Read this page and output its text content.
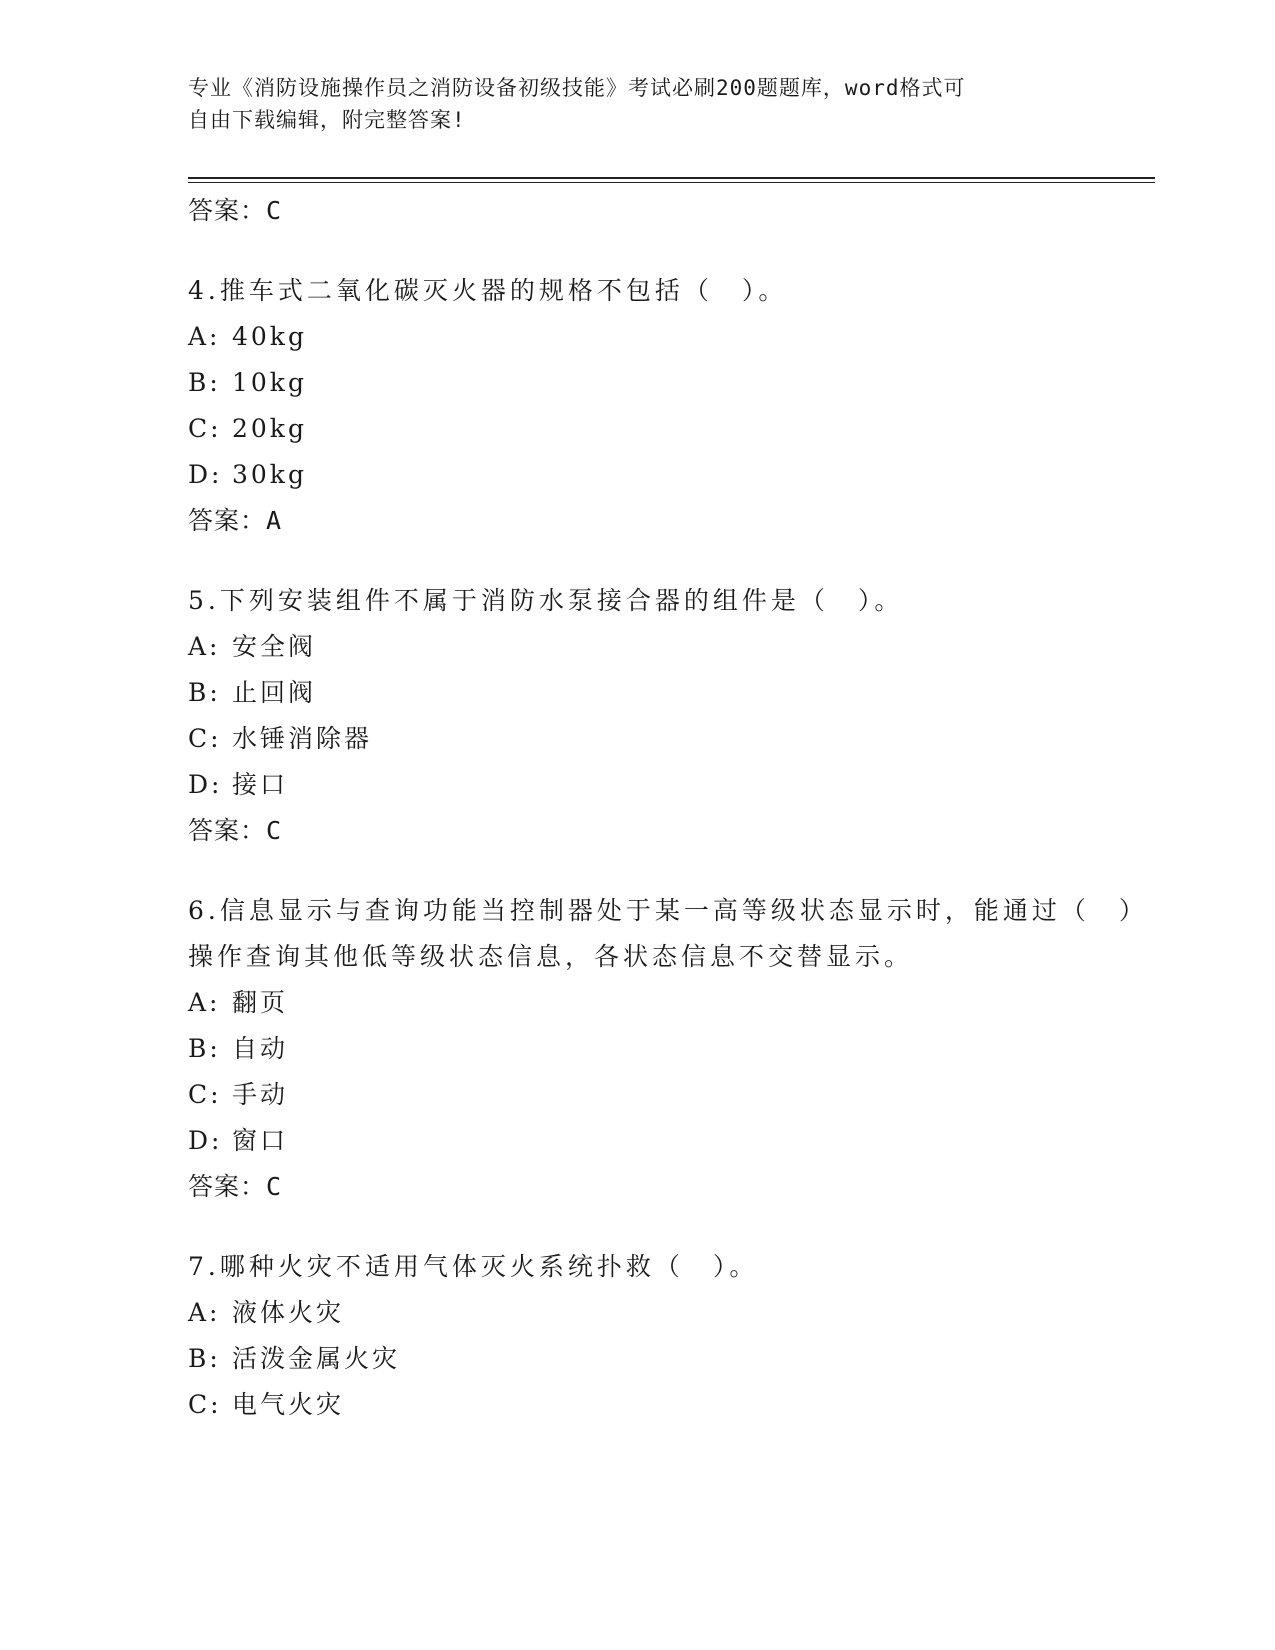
专业《消防设施操作员之消防设备初级技能》考试必刷200题题库，word格式可
自由下载编辑，附完整答案!
答案：C
4.推车式二氧化碳灭火器的规格不包括（　）。
A: 40kg
B: 10kg
C: 20kg
D: 30kg
答案：A
5.下列安装组件不属于消防水泵接合器的组件是（　）。
A: 安全阀
B: 止回阀
C: 水锤消除器
D: 接口
答案：C
6.信息显示与查询功能当控制器处于某一高等级状态显示时，能通过（　）操作查询其他低等级状态信息，各状态信息不交替显示。
A: 翻页
B: 自动
C: 手动
D: 窗口
答案：C
7.哪种火灾不适用气体灭火系统扑救（　）。
A: 液体火灾
B: 活泼金属火灾
C: 电气火灾
